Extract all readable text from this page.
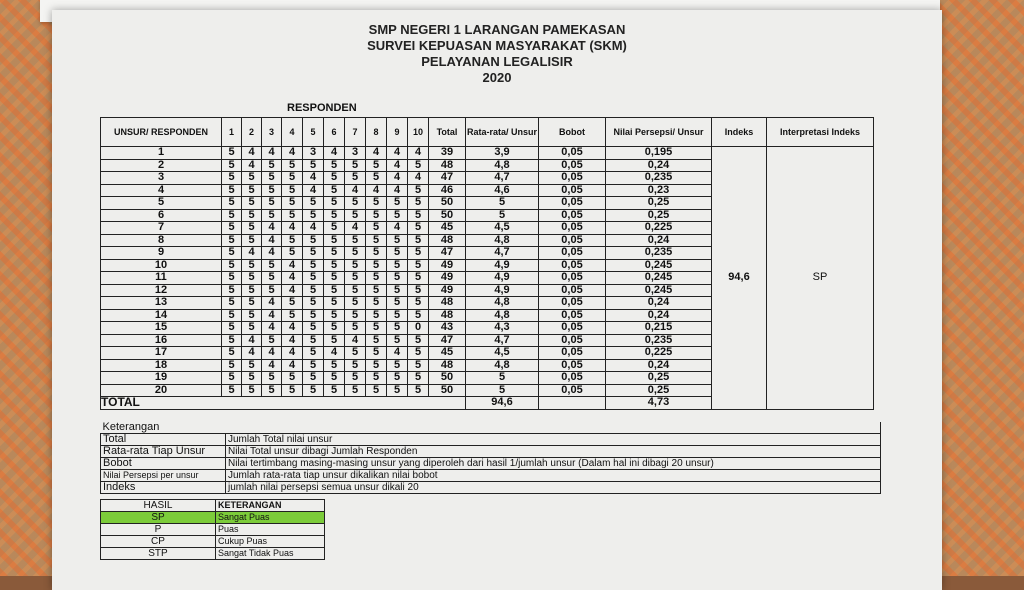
SMP NEGERI 1 LARANGAN PAMEKASAN
SURVEI KEPUASAN MASYARAKAT (SKM)
PELAYANAN LEGALISIR
2020
RESPONDEN
UNSUR/ RESPONDEN	1	2	3	4	5	6	7	8	9	10	Total	Rata-rata/ Unsur	Bobot	Nilai Persepsi/ Unsur	Indeks	Interpretasi Indeks
1	5	4	4	4	3	4	3	4	4	4	39	3,9	0,05	0,195	94,6	SP
2	5	4	5	5	5	5	5	5	4	5	48	4,8	0,05	0,24		
3	5	5	5	5	4	5	5	5	4	4	47	4,7	0,05	0,235		
4	5	5	5	5	4	5	4	4	4	5	46	4,6	0,05	0,23		
5	5	5	5	5	5	5	5	5	5	5	50	5	0,05	0,25		
6	5	5	5	5	5	5	5	5	5	5	50	5	0,05	0,25		
7	5	5	4	4	4	5	4	5	4	5	45	4,5	0,05	0,225		
8	5	5	4	5	5	5	5	5	5	5	48	4,8	0,05	0,24		
9	5	4	4	5	5	5	5	5	5	5	47	4,7	0,05	0,235		
10	5	5	5	4	5	5	5	5	5	5	49	4,9	0,05	0,245		
11	5	5	5	4	5	5	5	5	5	5	49	4,9	0,05	0,245		
12	5	5	5	4	5	5	5	5	5	5	49	4,9	0,05	0,245		
13	5	5	4	5	5	5	5	5	5	5	48	4,8	0,05	0,24		
14	5	5	4	5	5	5	5	5	5	5	48	4,8	0,05	0,24		
15	5	5	4	4	5	5	5	5	5	0	43	4,3	0,05	0,215		
16	5	4	5	4	5	5	4	5	5	5	47	4,7	0,05	0,235		
17	5	4	4	4	5	4	5	5	4	5	45	4,5	0,05	0,225		
18	5	5	4	4	5	5	5	5	5	5	48	4,8	0,05	0,24		
19	5	5	5	5	5	5	5	5	5	5	50	5	0,05	0,25		
20	5	5	5	5	5	5	5	5	5	5	50	5	0,05	0,25		
TOTAL												94,6		4,73		
Keterangan	
Total	Jumlah Total nilai unsur
Rata-rata Tiap Unsur	Nilai Total unsur dibagi Jumlah Responden
Bobot	Nilai tertimbang masing-masing unsur yang diperoleh dari hasil 1/jumlah unsur (Dalam hal ini dibagi 20 unsur)
Nilai Persepsi per unsur	Jumlah rata-rata tiap unsur dikalikan nilai bobot
Indeks	jumlah nilai persepsi semua unsur dikali 20
HASIL	KETERANGAN
SP	Sangat Puas
P	Puas
CP	Cukup Puas
STP	Sangat Tidak Puas
